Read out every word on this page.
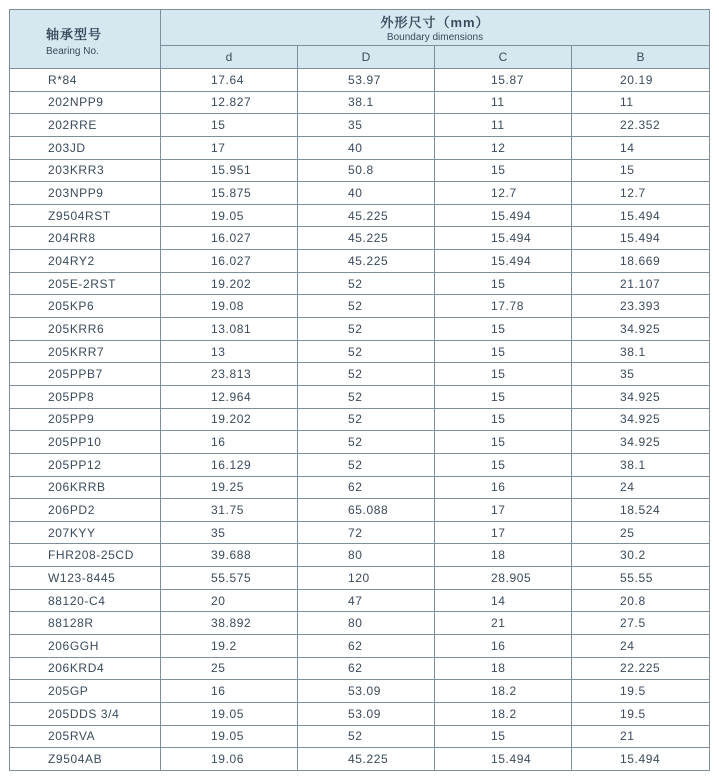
轴承型号
Bearing No.	外形尺寸（mm）
Boundary dimensions			

	d	D	C	B
R*84	17.64	53.97	15.87	20.19
202NPP9	12.827	38.1	11	11
202RRE	15	35	11	22.352
203JD	17	40	12	14
203KRR3	15.951	50.8	15	15
203NPP9	15.875	40	12.7	12.7
Z9504RST	19.05	45.225	15.494	15.494
204RR8	16.027	45.225	15.494	15.494
204RY2	16.027	45.225	15.494	18.669
205E-2RST	19.202	52	15	21.107
205KP6	19.08	52	17.78	23.393
205KRR6	13.081	52	15	34.925
205KRR7	13	52	15	38.1
205PPB7	23.813	52	15	35
205PP8	12.964	52	15	34.925
205PP9	19.202	52	15	34.925
205PP10	16	52	15	34.925
205PP12	16.129	52	15	38.1
206KRRB	19.25	62	16	24
206PD2	31.75	65.088	17	18.524
207KYY	35	72	17	25
FHR208-25CD	39.688	80	18	30.2
W123-8445	55.575	120	28.905	55.55
88120-C4	20	47	14	20.8
88128R	38.892	80	21	27.5
206GGH	19.2	62	16	24
206KRD4	25	62	18	22.225
205GP	16	53.09	18.2	19.5
205DDS 3/4	19.05	53.09	18.2	19.5
205RVA	19.05	52	15	21
Z9504AB	19.06	45.225	15.494	15.494
